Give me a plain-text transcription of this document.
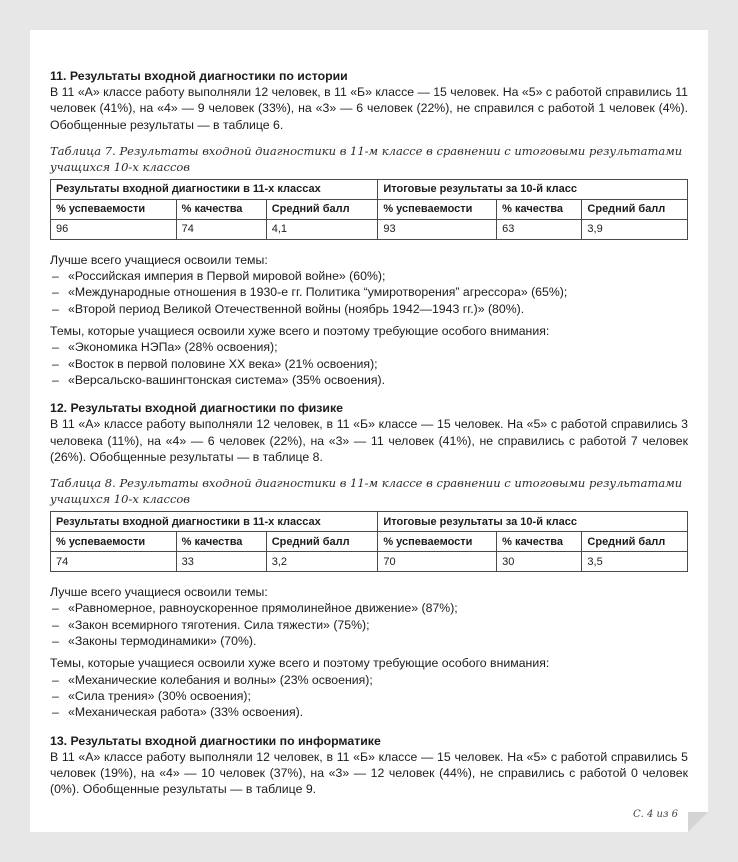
11. Результаты входной диагностики по истории

В 11 «А» классе работу выполняли 12 человек, в 11 «Б» классе — 15 человек. На «5» с работой справились 11 человек (41%), на «4» — 9 человек (33%), на «3» — 6 человек (22%), не справился с работой 1 человек (4%). Обобщенные результаты — в таблице 6.

Таблица 7. Результаты входной диагностики в 11-м классе в сравнении с итоговыми результатами учащихся 10-х классов

Результаты входной диагностики в 11-х классах			Итоговые результаты за 10-й класс		
% успеваемости	% качества	Средний балл	% успеваемости	% качества	Средний балл
96	74	4,1	93	63	3,9

Лучше всего учащиеся освоили темы:

– «Российская империя в Первой мировой войне» (60%);
– «Международные отношения в 1930-е гг. Политика “умиротворения” агрессора» (65%);
– «Второй период Великой Отечественной войны (ноябрь 1942—1943 гг.)» (80%).

Темы, которые учащиеся освоили хуже всего и поэтому требующие особого внимания:

– «Экономика НЭПа» (28% освоения);
– «Восток в первой половине XX века» (21% освоения);
– «Версальско-вашингтонская система» (35% освоения).
12. Результаты входной диагностики по физике

В 11 «А» классе работу выполняли 12 человек, в 11 «Б» классе — 15 человек. На «5» с работой справились 3 человека (11%), на «4» — 6 человек (22%), на «3» — 11 человек (41%), не справились с работой 7 человек (26%). Обобщенные результаты — в таблице 8.

Таблица 8. Результаты входной диагностики в 11-м классе в сравнении с итоговыми результатами учащихся 10-х классов

Результаты входной диагностики в 11-х классах			Итоговые результаты за 10-й класс		
% успеваемости	% качества	Средний балл	% успеваемости	% качества	Средний балл
74	33	3,2	70	30	3,5

Лучше всего учащиеся освоили темы:

– «Равномерное, равноускоренное прямолинейное движение» (87%);
– «Закон всемирного тяготения. Сила тяжести» (75%);
– «Законы термодинамики» (70%).

Темы, которые учащиеся освоили хуже всего и поэтому требующие особого внимания:

– «Механические колебания и волны» (23% освоения);
– «Сила трения» (30% освоения);
– «Механическая работа» (33% освоения).
13. Результаты входной диагностики по информатике

В 11 «А» классе работу выполняли 12 человек, в 11 «Б» классе — 15 человек. На «5» с работой справились 5 человек (19%), на «4» — 10 человек (37%), на «3» — 12 человек (44%), не справились с работой 0 человек (0%). Обобщенные результаты — в таблице 9.

С. 4 из 6
